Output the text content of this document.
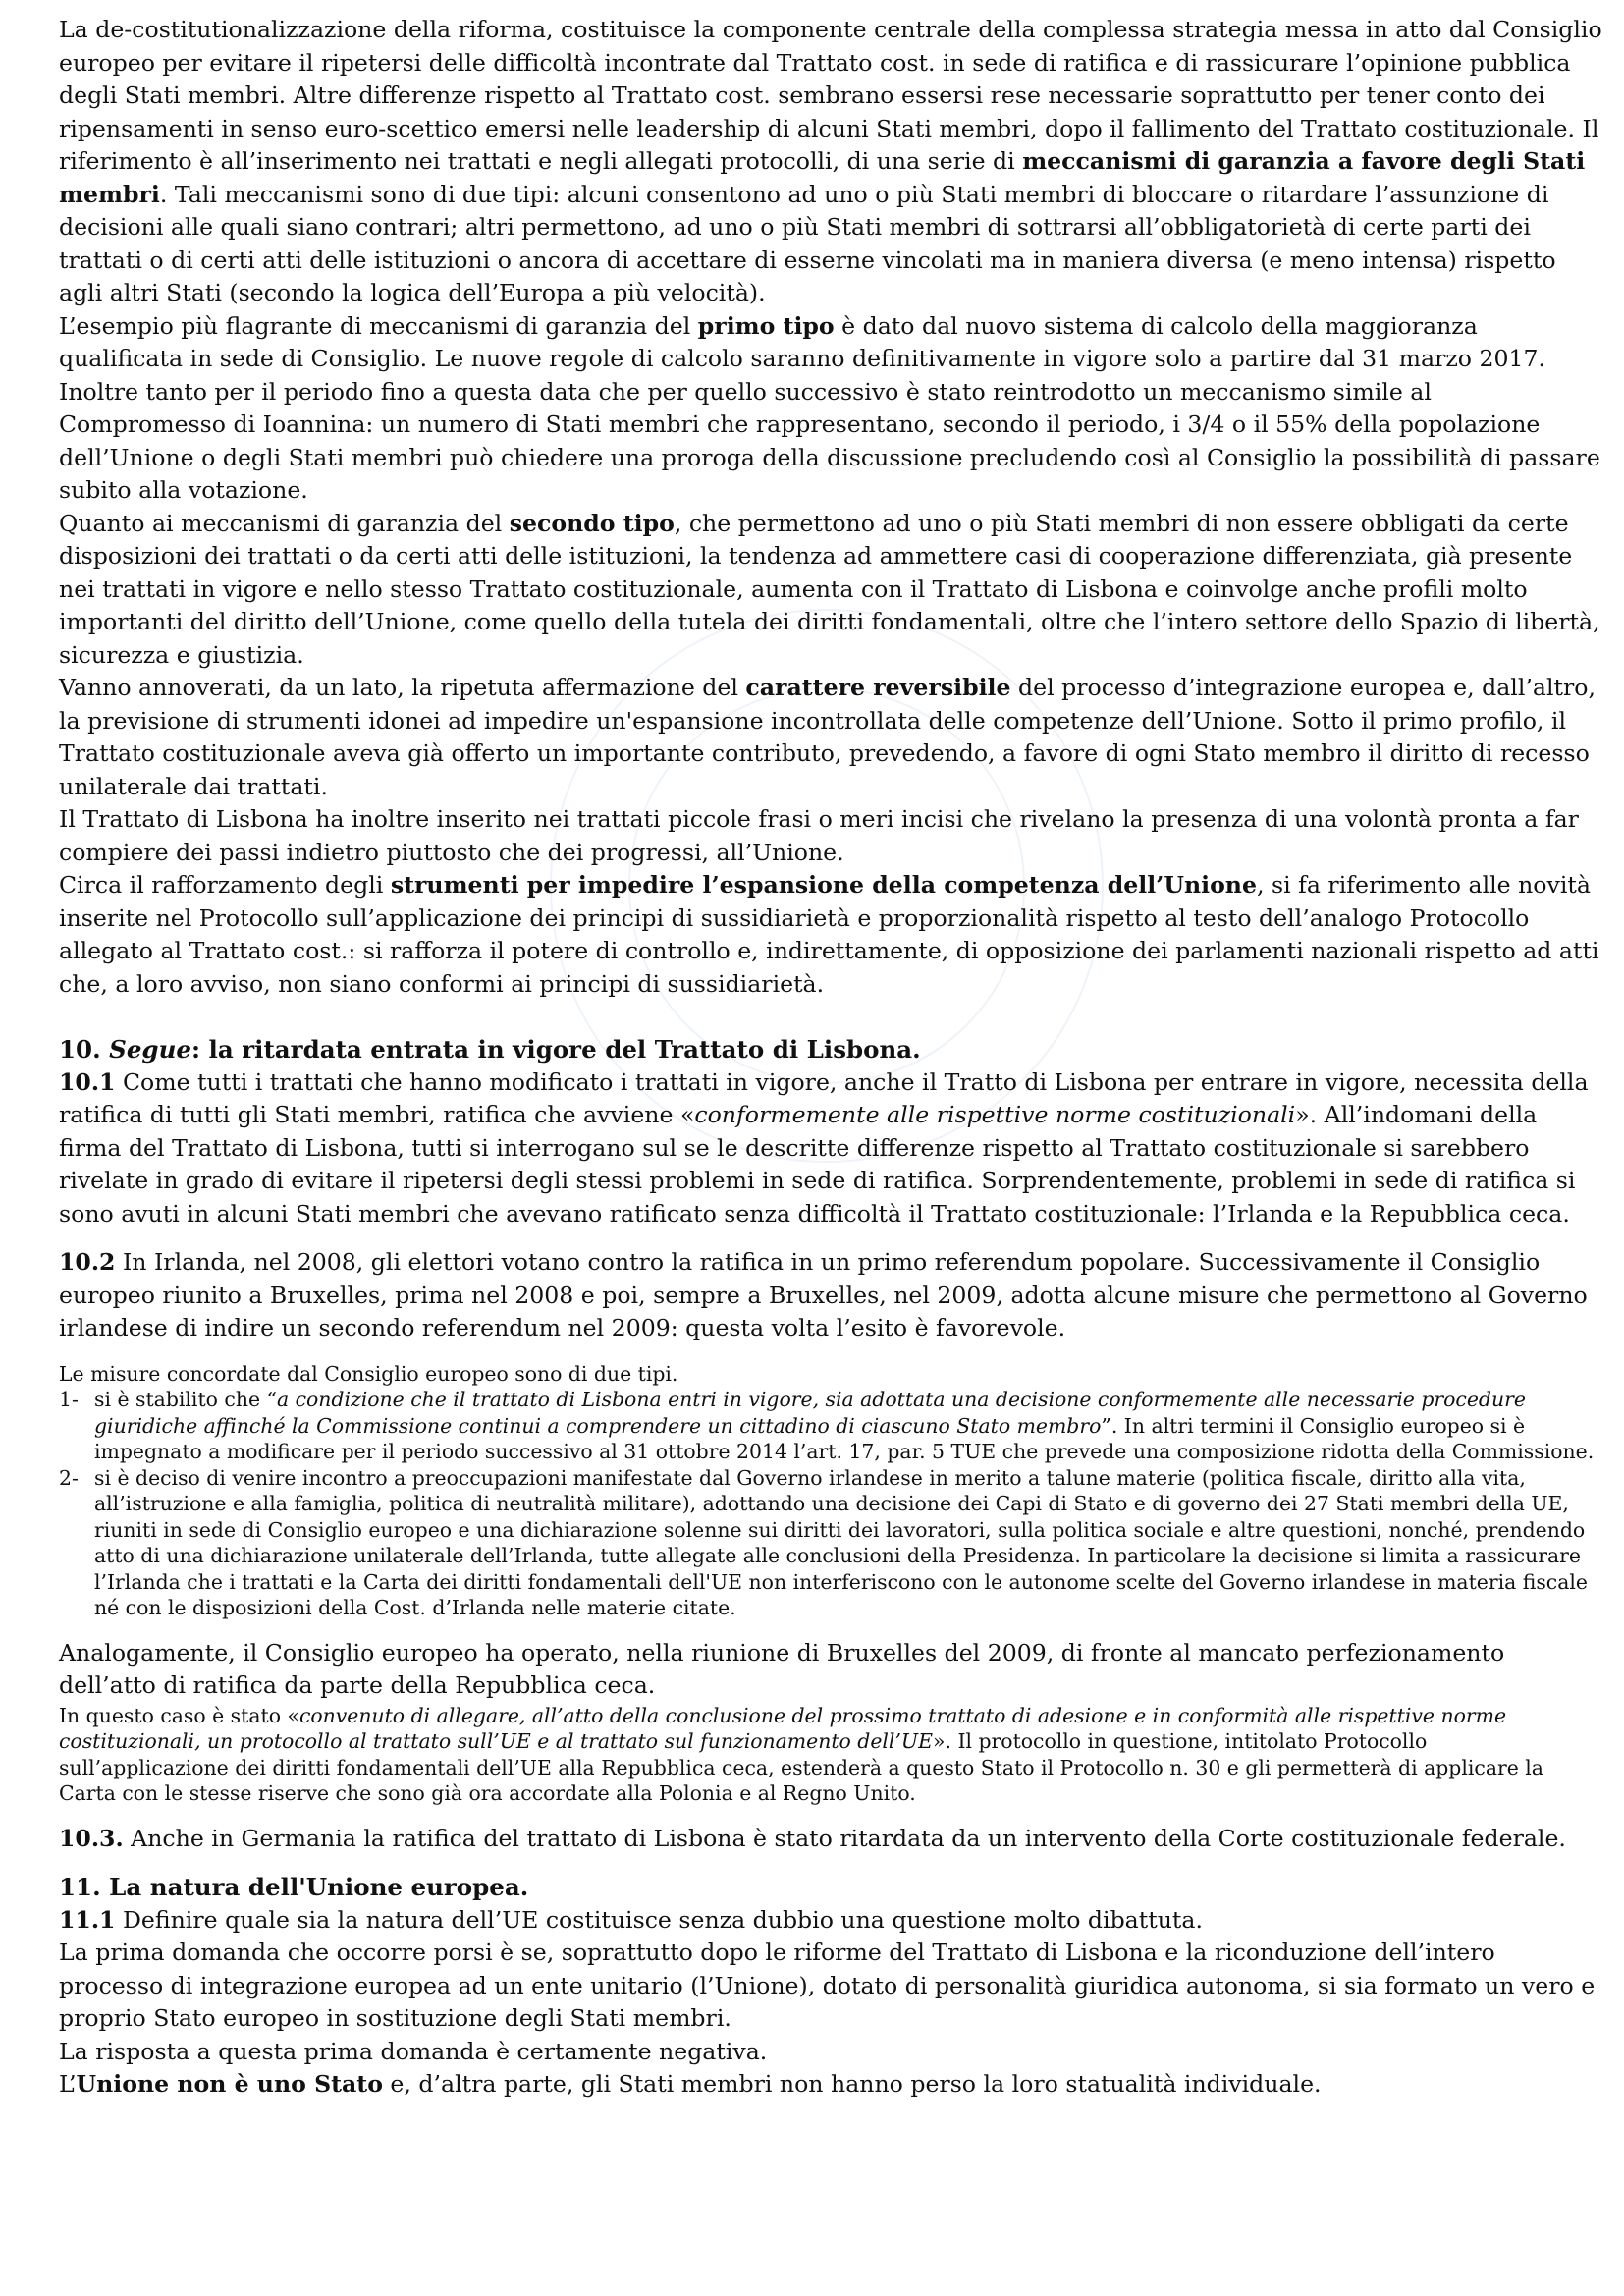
La de-costitutionalizzazione della riforma, costituisce la componente centrale della complessa strategia messa in atto dal Consiglio europeo per evitare il ripetersi delle difficoltà incontrate dal Trattato cost. in sede di ratifica e di rassicurare l’opinione pubblica degli Stati membri. Altre differenze rispetto al Trattato cost. sembrano essersi rese necessarie soprattutto per tener conto dei ripensamenti in senso euro-scettico emersi nelle leadership di alcuni Stati membri, dopo il fallimento del Trattato costituzionale. Il riferimento è all’inserimento nei trattati e negli allegati protocolli, di una serie di meccanismi di garanzia a favore degli Stati membri. Tali meccanismi sono di due tipi: alcuni consentono ad uno o più Stati membri di bloccare o ritardare l’assunzione di decisioni alle quali siano contrari; altri permettono, ad uno o più Stati membri di sottrarsi all’obbligatorietà di certe parti dei trattati o di certi atti delle istituzioni o ancora di accettare di esserne vincolati ma in maniera diversa (e meno intensa) rispetto agli altri Stati (secondo la logica dell’Europa a più velocità).

L’esempio più flagrante di meccanismi di garanzia del primo tipo è dato dal nuovo sistema di calcolo della maggioranza qualificata in sede di Consiglio. Le nuove regole di calcolo saranno definitivamente in vigore solo a partire dal 31 marzo 2017. Inoltre tanto per il periodo fino a questa data che per quello successivo è stato reintrodotto un meccanismo simile al Compromesso di Ioannina: un numero di Stati membri che rappresentano, secondo il periodo, i 3/4 o il 55% della popolazione dell’Unione o degli Stati membri può chiedere una proroga della discussione precludendo così al Consiglio la possibilità di passare subito alla votazione.

Quanto ai meccanismi di garanzia del secondo tipo, che permettono ad uno o più Stati membri di non essere obbligati da certe disposizioni dei trattati o da certi atti delle istituzioni, la tendenza ad ammettere casi di cooperazione differenziata, già presente nei trattati in vigore e nello stesso Trattato costituzionale, aumenta con il Trattato di Lisbona e coinvolge anche profili molto importanti del diritto dell’Unione, come quello della tutela dei diritti fondamentali, oltre che l’intero settore dello Spazio di libertà, sicurezza e giustizia.

Vanno annoverati, da un lato, la ripetuta affermazione del carattere reversibile del processo d’integrazione europea e, dall’altro, la previsione di strumenti idonei ad impedire un'espansione incontrollata delle competenze dell’Unione. Sotto il primo profilo, il Trattato costituzionale aveva già offerto un importante contributo, prevedendo, a favore di ogni Stato membro il diritto di recesso unilaterale dai trattati.

Il Trattato di Lisbona ha inoltre inserito nei trattati piccole frasi o meri incisi che rivelano la presenza di una volontà pronta a far compiere dei passi indietro piuttosto che dei progressi, all’Unione.

Circa il rafforzamento degli strumenti per impedire l’espansione della competenza dell’Unione, si fa riferimento alle novità inserite nel Protocollo sull’applicazione dei principi di sussidiarietà e proporzionalità rispetto al testo dell’analogo Protocollo allegato al Trattato cost.: si rafforza il potere di controllo e, indirettamente, di opposizione dei parlamenti nazionali rispetto ad atti che, a loro avviso, non siano conformi ai principi di sussidiarietà.

10. Segue: la ritardata entrata in vigore del Trattato di Lisbona.

10.1 Come tutti i trattati che hanno modificato i trattati in vigore, anche il Tratto di Lisbona per entrare in vigore, necessita della ratifica di tutti gli Stati membri, ratifica che avviene «conformemente alle rispettive norme costituzionali». All’indomani della firma del Trattato di Lisbona, tutti si interrogano sul se le descritte differenze rispetto al Trattato costituzionale si sarebbero rivelate in grado di evitare il ripetersi degli stessi problemi in sede di ratifica. Sorprendentemente, problemi in sede di ratifica si sono avuti in alcuni Stati membri che avevano ratificato senza difficoltà il Trattato costituzionale: l’Irlanda e la Repubblica ceca.

10.2 In Irlanda, nel 2008, gli elettori votano contro la ratifica in un primo referendum popolare. Successivamente il Consiglio europeo riunito a Bruxelles, prima nel 2008 e poi, sempre a Bruxelles, nel 2009, adotta alcune misure che permettono al Governo irlandese di indire un secondo referendum nel 2009: questa volta l’esito è favorevole.

Le misure concordate dal Consiglio europeo sono di due tipi.

1- si è stabilito che “a condizione che il trattato di Lisbona entri in vigore, sia adottata una decisione conformemente alle necessarie procedure giuridiche affinché la Commissione continui a comprendere un cittadino di ciascuno Stato membro”. In altri termini il Consiglio europeo si è impegnato a modificare per il periodo successivo al 31 ottobre 2014 l’art. 17, par. 5 TUE che prevede una composizione ridotta della Commissione.
2- si è deciso di venire incontro a preoccupazioni manifestate dal Governo irlandese in merito a talune materie (politica fiscale, diritto alla vita, all’istruzione e alla famiglia, politica di neutralità militare), adottando una decisione dei Capi di Stato e di governo dei 27 Stati membri della UE, riuniti in sede di Consiglio europeo e una dichiarazione solenne sui diritti dei lavoratori, sulla politica sociale e altre questioni, nonché, prendendo atto di una dichiarazione unilaterale dell’Irlanda, tutte allegate alle conclusioni della Presidenza. In particolare la decisione si limita a rassicurare l’Irlanda che i trattati e la Carta dei diritti fondamentali dell'UE non interferiscono con le autonome scelte del Governo irlandese in materia fiscale né con le disposizioni della Cost. d’Irlanda nelle materie citate.

Analogamente, il Consiglio europeo ha operato, nella riunione di Bruxelles del 2009, di fronte al mancato perfezionamento dell’atto di ratifica da parte della Repubblica ceca.

In questo caso è stato «convenuto di allegare, all’atto della conclusione del prossimo trattato di adesione e in conformità alle rispettive norme costituzionali, un protocollo al trattato sull’UE e al trattato sul funzionamento dell’UE». Il protocollo in questione, intitolato Protocollo sull’applicazione dei diritti fondamentali dell’UE alla Repubblica ceca, estenderà a questo Stato il Protocollo n. 30 e gli permetterà di applicare la Carta con le stesse riserve che sono già ora accordate alla Polonia e al Regno Unito.

10.3. Anche in Germania la ratifica del trattato di Lisbona è stato ritardata da un intervento della Corte costituzionale federale.

11. La natura dell'Unione europea.

11.1 Definire quale sia la natura dell’UE costituisce senza dubbio una questione molto dibattuta.

La prima domanda che occorre porsi è se, soprattutto dopo le riforme del Trattato di Lisbona e la riconduzione dell’intero processo di integrazione europea ad un ente unitario (l’Unione), dotato di personalità giuridica autonoma, si sia formato un vero e proprio Stato europeo in sostituzione degli Stati membri.

La risposta a questa prima domanda è certamente negativa.

L’Unione non è uno Stato e, d’altra parte, gli Stati membri non hanno perso la loro statualità individuale.
